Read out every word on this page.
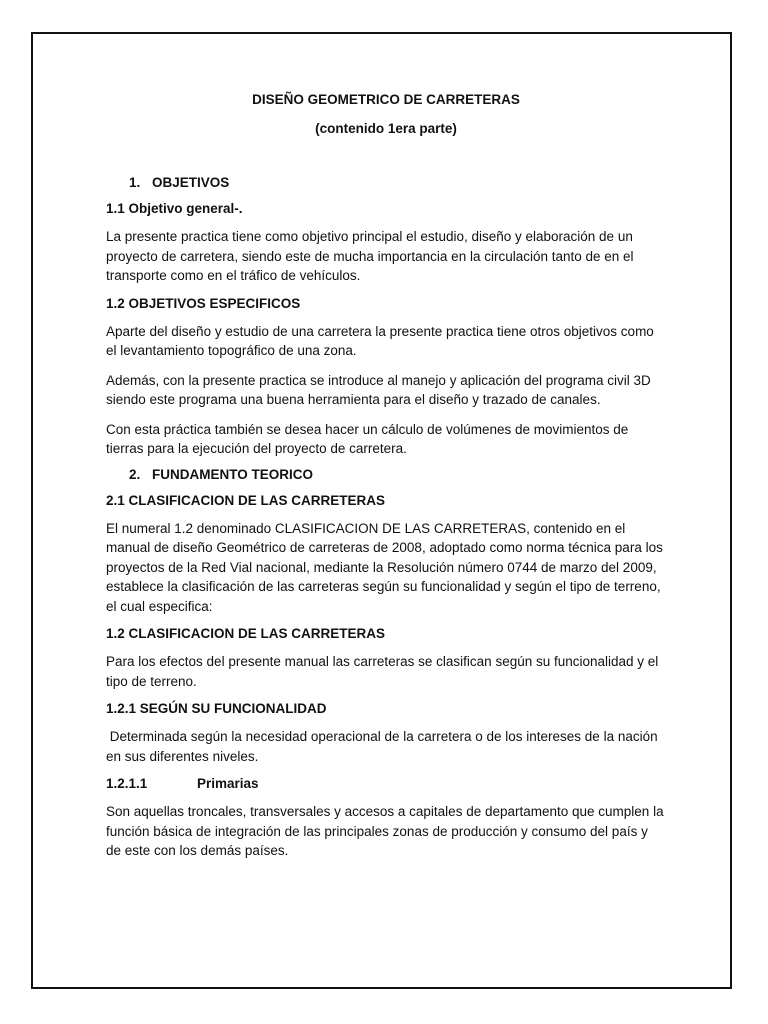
DISEÑO GEOMETRICO DE CARRETERAS
(contenido 1era parte)
1. OBJETIVOS
1.1 Objetivo general-.

La presente practica tiene como objetivo principal el estudio, diseño y elaboración de un proyecto de carretera, siendo este de mucha importancia en la circulación tanto de en el transporte como en el tráfico de vehículos.

1.2 OBJETIVOS ESPECIFICOS

Aparte del diseño y estudio de una carretera la presente practica tiene otros objetivos como el levantamiento topográfico de una zona.

Además, con la presente practica se introduce al manejo y aplicación del programa civil 3D siendo este programa una buena herramienta para el diseño y trazado de canales.

Con esta práctica también se desea hacer un cálculo de volúmenes de movimientos de tierras para la ejecución del proyecto de carretera.

2. FUNDAMENTO TEORICO
2.1 CLASIFICACION DE LAS CARRETERAS

El numeral 1.2 denominado CLASIFICACION DE LAS CARRETERAS, contenido en el manual de diseño Geométrico de carreteras de 2008, adoptado como norma técnica para los proyectos de la Red Vial nacional, mediante la Resolución número 0744 de marzo del 2009, establece la clasificación de las carreteras según su funcionalidad y según el tipo de terreno, el cual especifica:

1.2 CLASIFICACION DE LAS CARRETERAS

Para los efectos del presente manual las carreteras se clasifican según su funcionalidad y el tipo de terreno.

1.2.1 SEGÚN SU FUNCIONALIDAD

Determinada según la necesidad operacional de la carretera o de los intereses de la nación en sus diferentes niveles.

1.2.1.1	Primarias

Son aquellas troncales, transversales y accesos a capitales de departamento que cumplen la función básica de integración de las principales zonas de producción y consumo del país y de este con los demás países.
